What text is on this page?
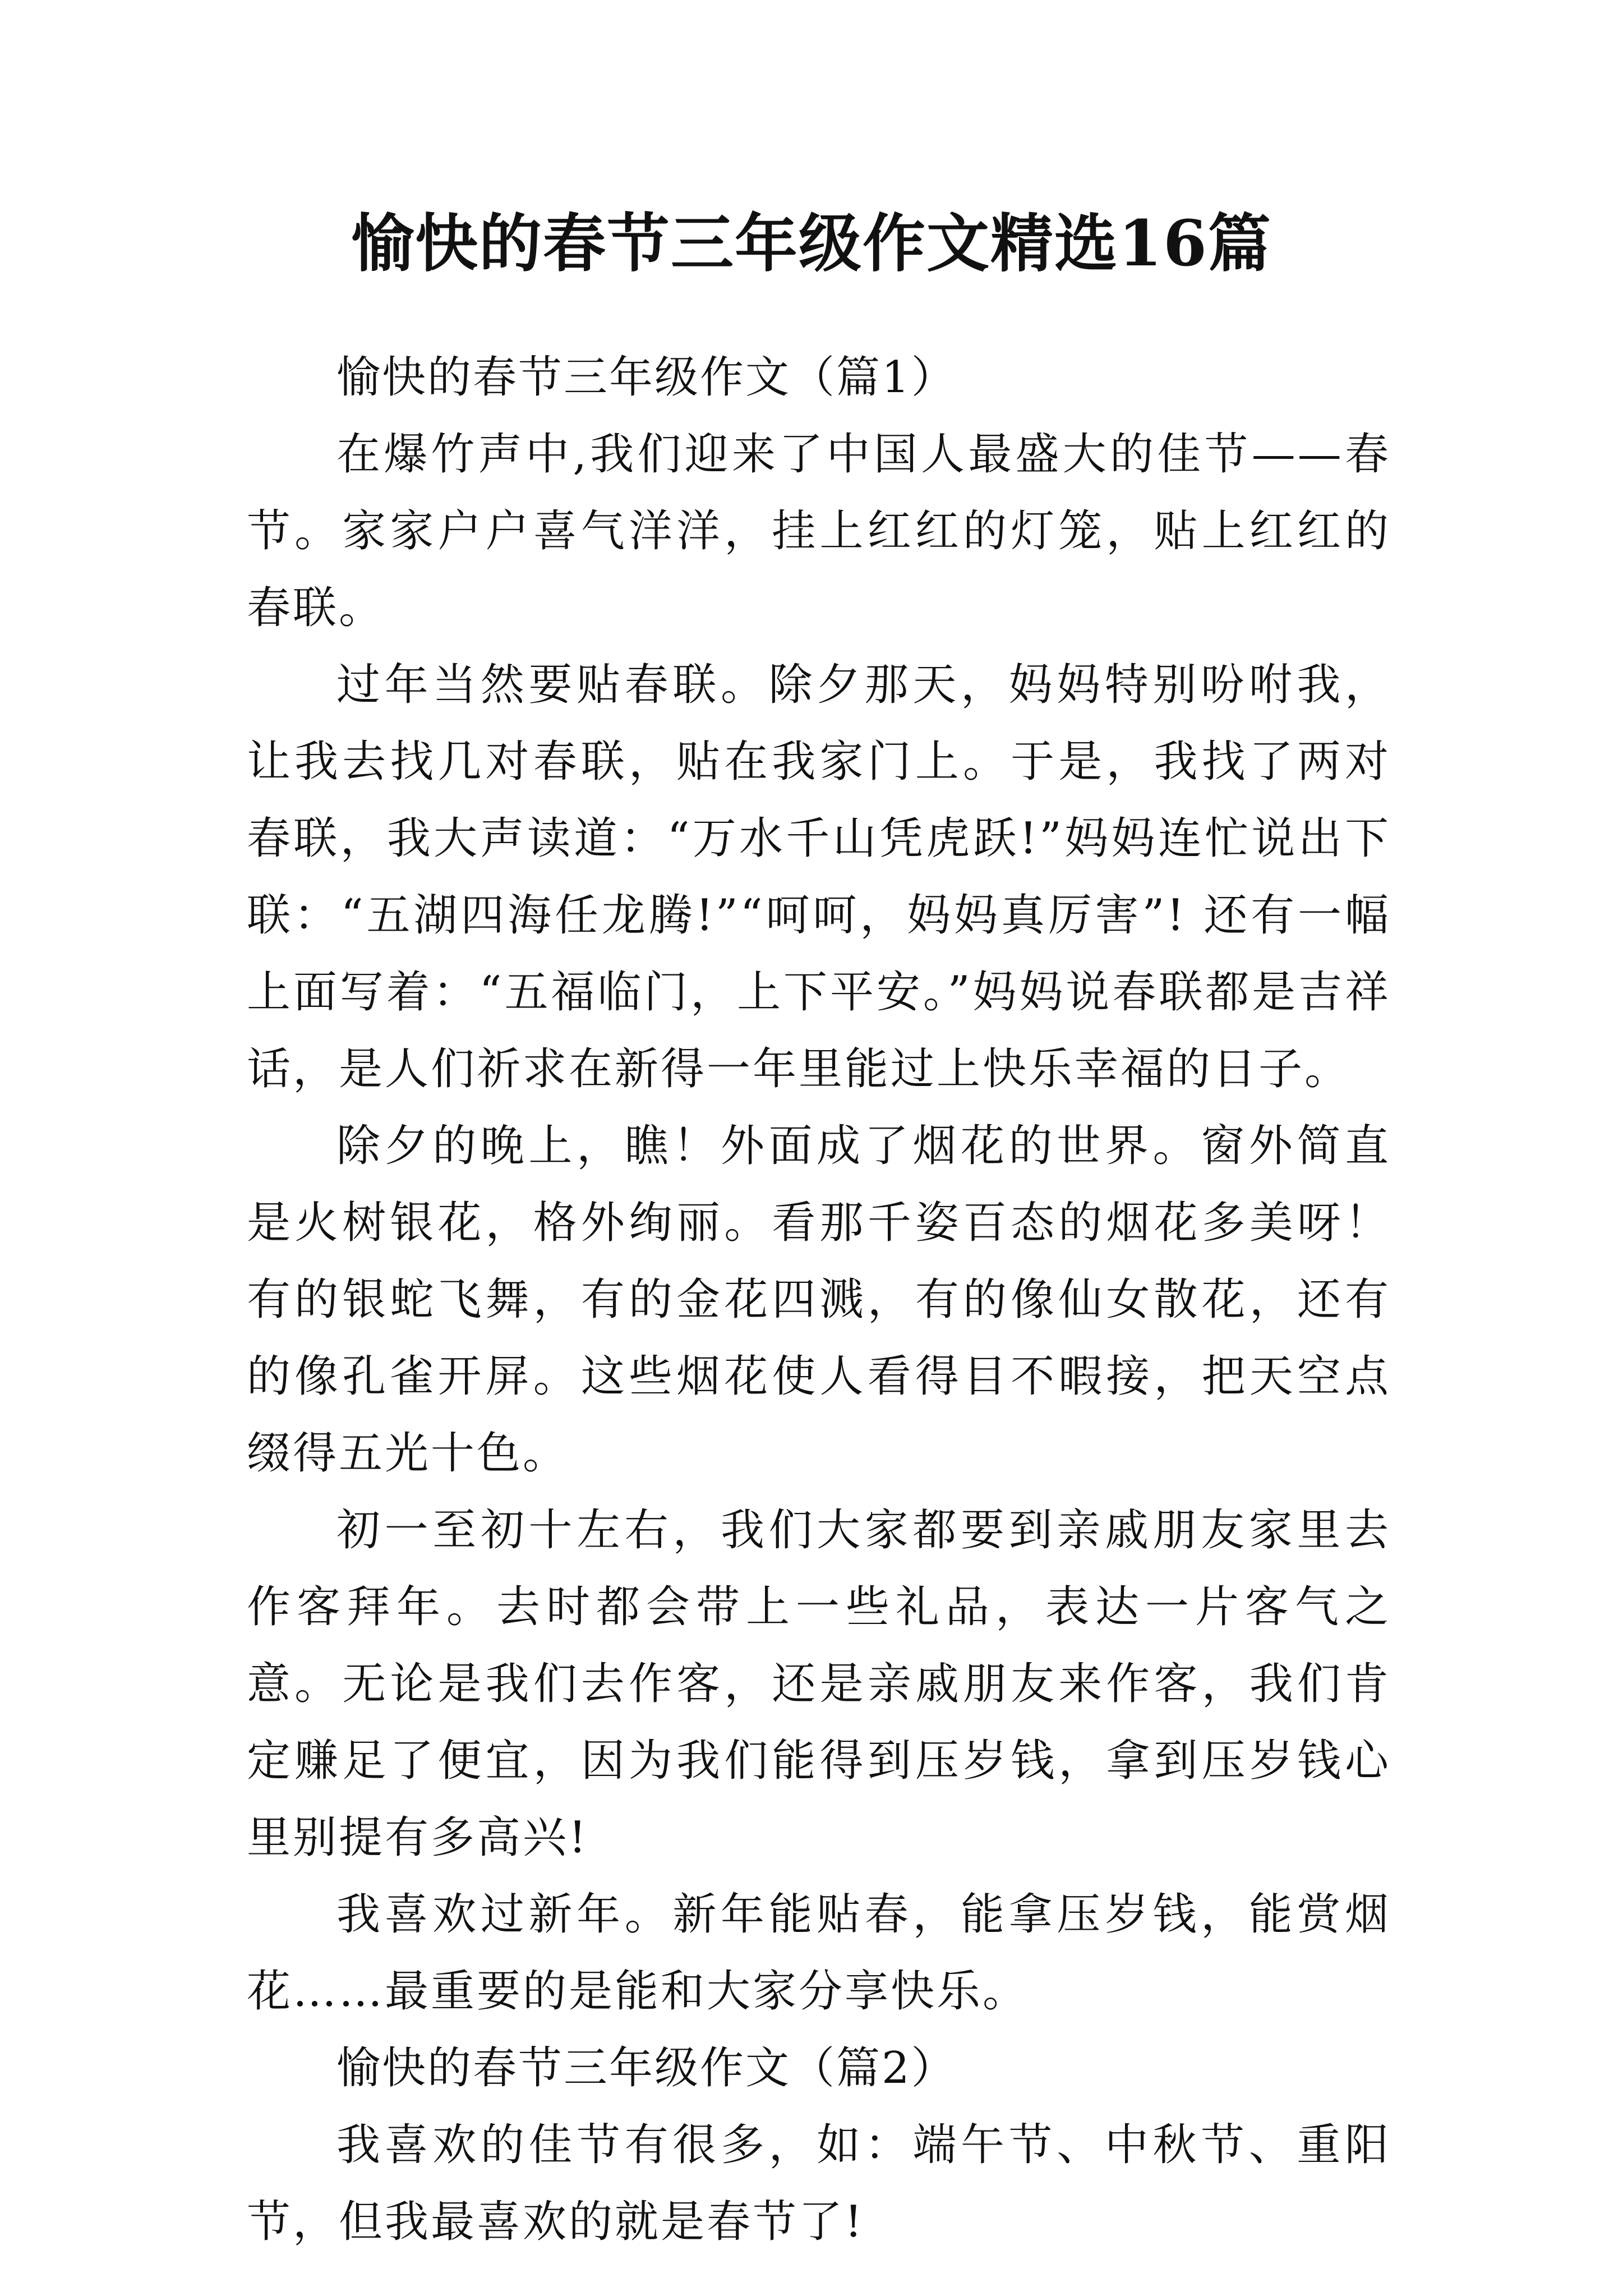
愉快的春节三年级作文精选16篇

愉快的春节三年级作文（篇1）

在爆竹声中,我们迎来了中国人最盛大的佳节——春节。家家户户喜气洋洋，挂上红红的灯笼，贴上红红的春联。

过年当然要贴春联。除夕那天，妈妈特别吩咐我，让我去找几对春联，贴在我家门上。于是，我找了两对春联，我大声读道：“万水千山凭虎跃!”妈妈连忙说出下联：“五湖四海任龙腾!”“呵呵，妈妈真厉害”! 还有一幅上面写着：“五福临门，上下平安。”妈妈说春联都是吉祥话，是人们祈求在新得一年里能过上快乐幸福的日子。

除夕的晚上，瞧！外面成了烟花的世界。窗外简直是火树银花，格外绚丽。看那千姿百态的烟花多美呀！有的银蛇飞舞，有的金花四溅，有的像仙女散花，还有的像孔雀开屏。这些烟花使人看得目不暇接，把天空点缀得五光十色。

初一至初十左右，我们大家都要到亲戚朋友家里去作客拜年。去时都会带上一些礼品，表达一片客气之意。无论是我们去作客，还是亲戚朋友来作客，我们肯定赚足了便宜，因为我们能得到压岁钱，拿到压岁钱心里别提有多高兴!

我喜欢过新年。新年能贴春，能拿压岁钱，能赏烟花……最重要的是能和大家分享快乐。

愉快的春节三年级作文（篇2）

我喜欢的佳节有很多，如：端午节、中秋节、重阳节，但我最喜欢的就是春节了!
